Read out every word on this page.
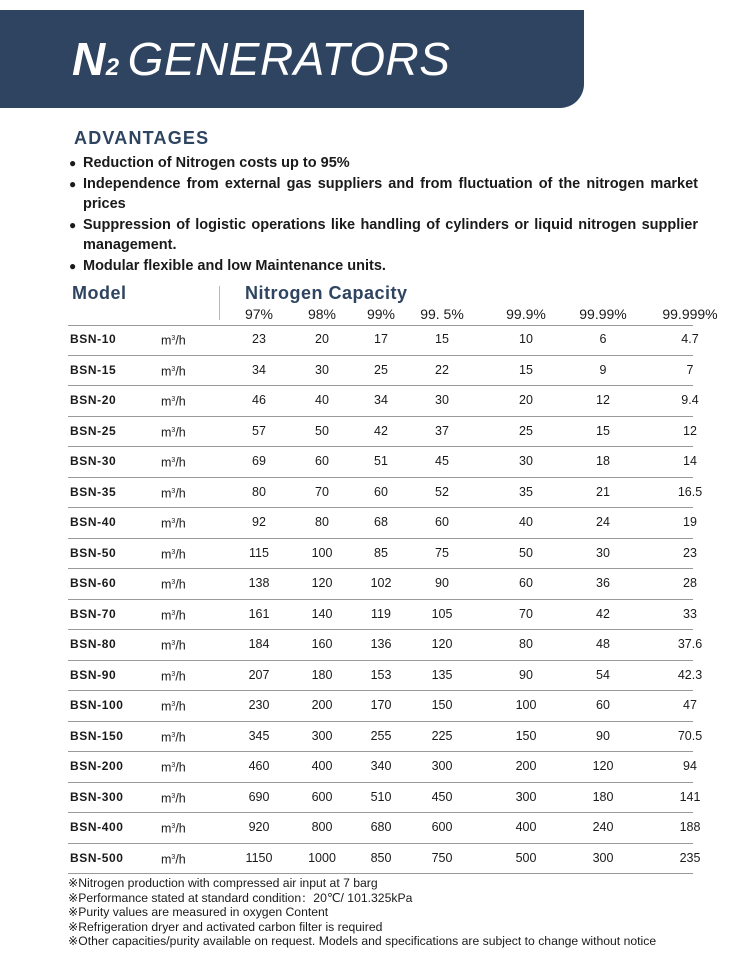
N2 GENERATORS
ADVANTAGES
● Reduction of Nitrogen costs up to 95%
● Independence from external gas suppliers and from fluctuation of the nitrogen market prices
● Suppression of logistic operations like handling of cylinders or liquid nitrogen supplier management.
● Modular flexible and low Maintenance units.
Model	Nitrogen Capacity
97% 98% 99% 99. 5%	99.9% 99.99%	99.999%
BSN-10	$m^3/h$	23	20	17	15	10	6	4.7
BSN-15	$m^3/h$	34	30	25	22	15	9	7
BSN-20	$m^3/h$	46	40	34	30	20	12	9.4
BSN-25	$m^3/h$	57	50	42	37	25	15	12
BSN-30	$m^3/h$	69	60	51	45	30	18	14
BSN-35	$m^3/h$	80	70	60	52	35	21	16.5
BSN-40	$m^3/h$	92	80	68	60	40	24	19
BSN-50	$m^3/h$	115	100	85	75	50	30	23
BSN-60	$m^3/h$	138	120	102	90	60	36	28
BSN-70	$m^3/h$	161	140	119	105	70	42	33
BSN-80	$m^3/h$	184	160	136	120	80	48	37.6
BSN-90	$m^3/h$	207	180	153	135	90	54	42.3
BSN-100	$m^3/h$	230	200	170	150	100	60	47
BSN-150	$m^3/h$	345	300	255	225	150	90	70.5
BSN-200	$m^3/h$	460	400	340	300	200	120	94
BSN-300	$m^3/h$	690	600	510	450	300	180	141
BSN-400	$m^3/h$	920	800	680	600	400	240	188
BSN-500	$m^3/h$	1150	1000	850	750	500	300	235
※Nitrogen production with compressed air input at 7 barg
※Performance stated at standard condition：20℃/ 101.325kPa
※Purity values are measured in oxygen Content
※Refrigeration dryer and activated carbon filter is required
※Other capacities/purity available on request. Models and specifications are subject to change without notice
